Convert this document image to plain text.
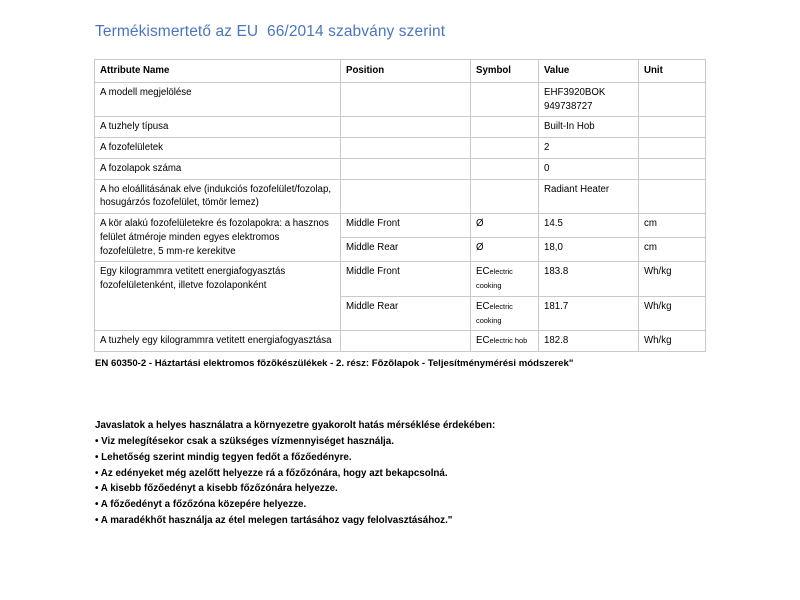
Termékismertető az EU  66/2014 szabvány szerint
Attribute Name	Position	Symbol	Value	Unit
A modell megjelölése			EHF3920BOK 949738727	
A tuzhely típusa			Built-In Hob	
A fozofelületek			2	
A fozolapok száma			0	
A ho eloállitásának elve (indukciós fozofelület/fozolap, hosugárzós fozofelület, tömör lemez)			Radiant Heater	
A kör alakú fozofelületekre és fozolapokra: a hasznos felület átméroje minden egyes elektromos fozofelületre, 5 mm-re kerekitve	Middle Front	Ø	14.5	cm
	Middle Rear	Ø	18,0	cm
Egy kilogrammra vetitett energiafogyasztás fozofelületenként, illetve fozolaponként	Middle Front	ECelectric cooking	183.8	Wh/kg
	Middle Rear	ECelectric cooking	181.7	Wh/kg
A tuzhely egy kilogrammra vetitett energiafogyasztása		ECelectric hob	182.8	Wh/kg
EN 60350-2 - Háztartási elektromos fõzõkészülékek - 2. rész: Fõzõlapok - Teljesítménymérési módszerek"
Javaslatok a helyes használatra a környezetre gyakorolt hatás mérséklése érdekében:
• Viz melegítésekor csak a szükséges vízmennyiséget használja.
• Lehetőség szerint mindig tegyen fedőt a főzőedényre.
• Az edényeket még azelőtt helyezze rá a főzőzónára, hogy azt bekapcsolná.
• A kisebb főzőedényt a kisebb főzőzónára helyezze.
• A főzőedényt a főzőzóna közepére helyezze.
• A maradékhőt használja az étel melegen tartásához vagy felolvasztásához."
